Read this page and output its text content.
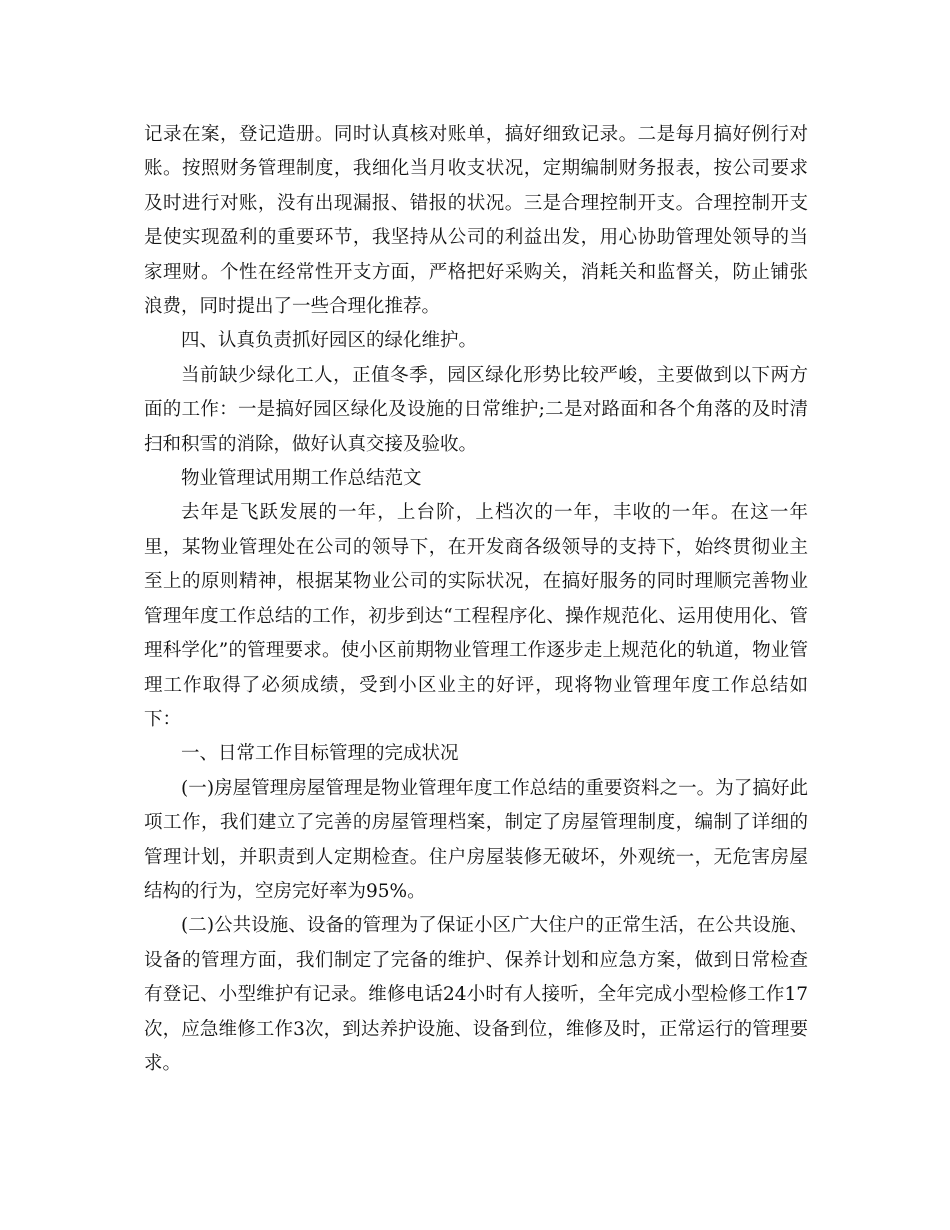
记录在案，登记造册。同时认真核对账单，搞好细致记录。二是每月搞好例行对账。按照财务管理制度，我细化当月收支状况，定期编制财务报表，按公司要求及时进行对账，没有出现漏报、错报的状况。三是合理控制开支。合理控制开支是使实现盈利的重要环节，我坚持从公司的利益出发，用心协助管理处领导的当家理财。个性在经常性开支方面，严格把好采购关，消耗关和监督关，防止铺张浪费，同时提出了一些合理化推荐。

四、认真负责抓好园区的绿化维护。

当前缺少绿化工人，正值冬季，园区绿化形势比较严峻，主要做到以下两方面的工作：一是搞好园区绿化及设施的日常维护;二是对路面和各个角落的及时清扫和积雪的消除，做好认真交接及验收。

物业管理试用期工作总结范文

去年是飞跃发展的一年，上台阶，上档次的一年，丰收的一年。在这一年里，某物业管理处在公司的领导下，在开发商各级领导的支持下，始终贯彻业主至上的原则精神，根据某物业公司的实际状况，在搞好服务的同时理顺完善物业管理年度工作总结的工作，初步到达“工程程序化、操作规范化、运用使用化、管理科学化”的管理要求。使小区前期物业管理工作逐步走上规范化的轨道，物业管理工作取得了必须成绩，受到小区业主的好评，现将物业管理年度工作总结如下：

一、日常工作目标管理的完成状况

(一)房屋管理房屋管理是物业管理年度工作总结的重要资料之一。为了搞好此项工作，我们建立了完善的房屋管理档案，制定了房屋管理制度，编制了详细的管理计划，并职责到人定期检查。住户房屋装修无破坏，外观统一，无危害房屋结构的行为，空房完好率为95%。

(二)公共设施、设备的管理为了保证小区广大住户的正常生活，在公共设施、设备的管理方面，我们制定了完备的维护、保养计划和应急方案，做到日常检查有登记、小型维护有记录。维修电话24小时有人接听，全年完成小型检修工作17次，应急维修工作3次，到达养护设施、设备到位，维修及时，正常运行的管理要求。
